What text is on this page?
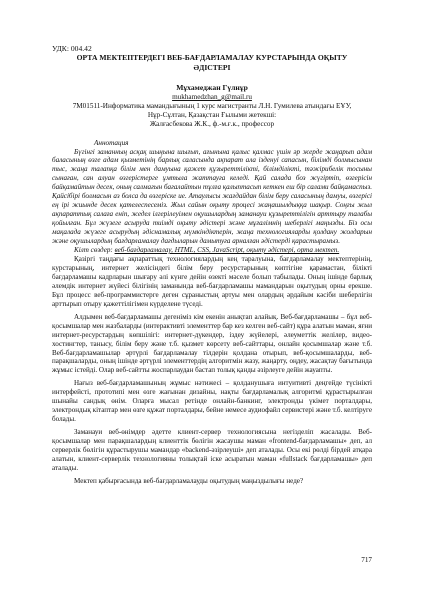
УДК: 004.42

ОРТА МЕКТЕПТЕРДЕГІ ВЕБ-БАҒДАРЛАМАЛАУ КУРСТАРЫНДА ОҚЫТУ
ӘДІСТЕРІ

Мұхамеджан Гүлнұр

mukhamedzhan_g@mail.ru

7M01511-Информатика мамандығының 1 курс магистранты Л.Н. Гумилева атындағы ЕҰУ,

Нұр-Сұлтан, Қазақстан Ғылыми жетекші:

Жалғасбекова Ж.К., ф.-м.ғ.к., профессор

Аннотация

Бүгінгі заманның асқақ шыңына шығып, ағынына қалыс қалмас үшін әр жерде жаңарып адам баласының өзге адам қызметінің барлық саласында ақпарат ала ізденуі сапасын, білімді болмысынан тыс, жаңа талапқа білім мен дамуына қажет құзыреттілікті, білімділікті, тәжірибелік тосыны сынаған, сан алуан өзгерістерге ұмтыла жаттауға келеді. Қай салада боз жүгіртіп, өзгерісін байқамайтын десек, оның салмағын бағалайтын тұлға қалыптасып кеткен еш бір салами байқамаспыз. Қайсібірі болмасын аз болса да өзгеріске ие. Атаулысы жағдайдан білім беру саласының дамуы, өзгерісі ең ірі жиынде десек қателеспесеміз. Жыл сайын оқыту процесі жаңашылдыққа шақыр. Соңғы жыл ақпараттық салаға еніп, жедел ілгерілеуімен оқушылардың заманауи құзыреттілігін арттыру талабы қойылған. Бұл жүзеге асыруда тиімді оқыту әдістері және мұғалімнің шеберлігі маңызды. Біз осы мақалада жүзеге асырудың әдіснамалық мүмкіндіктерін, жаңа технологияларды қолдану жолдарын және оқушылардың бағдарламалау дағдыларын дамытуға арналған әдістерді қарастырамыз.

Кілт сөздер: веб-бағдарламалау, HTML, CSS, JavaScript, оқыту әдістері, орта мектеп.

Қазіргі таңдағы ақпараттық технологиялардың кең таралуына, бағдарламалау мектептерінің, курстарының, интернет желісіндегі білім беру ресурстарының көптігіне қарамастан, білікті бағдарламашы кадрларын шығару әлі күнге дейін өзекті мәселе болып табылады. Оның ішінде барлық әлемдік интернет жүйесі білігінің заманында веб-бағдарламашы мамандарын оқытудың орны ерекше. Бұл процесс веб-программистерге деген сұраныстың артуы мен олардың әрдайым кәсіби шеберлігін арттырып отыру қажеттілігімен күрделене түседі.

Алдымен веб-бағдарламашы дегеніміз кім екенін анықтап алайық. Веб-бағдарламашы – бұл веб-қосымшалар мен жазбаларды (интерактивті элементтер бар кез келген веб-сайт) құра алатын маман, яғни интернет-ресурстардың көпшілігі: интернет-дүкендер, іздеу жүйелері, әлеуметтік желілер, видео-хостингтер, танысу, білім беру және т.б. қызмет көрсету веб-сайттары, онлайн қосымшалар және т.б. Веб-бағдарламашылар әртүрлі бағдарламалау тілдерін қолдана отырып, веб-қосымшаларды, веб-парақшаларды, оның ішінде әртүрлі элементтердің алгоритмін жазу, жаңарту, оңдеу, жасақтау бағытында жұмыс істейді. Олар веб-сайтты жоспарлаудан бастап толық қанды әзірлеуге дейін жауапты.

Нағыз веб-бағдарламашының жұмыс нәтижесі – қолданушыға интуитивті деңгейде түсінікті интерфейсті, прототипі мен өзге жағынан дизайны, нақты бағдарламалық алгоритмі құрастырылған шынайы сандық өнім. Оларға мысал ретінде онлайн-банкинг, электронды үкімет порталдары, электрондық кітаптар мен өзге құжат порталдары, бейне немесе аудиофайл сервистері және т.б. келтіруге болады.

Заманауи веб-өнімдер әдетте клиент-сервер технологиясына негізделіп жасалады. Веб-қосымшалар мен парақшалардың клиенттік бөлігін жасаушы маман «frontend-бағдарламашы» деп, ал серверлік бөлігін құрастырушы мамандар «backend-әзірлеуші» деп аталады. Осы екі рөлді бірдей атқара алатын, клиент-серверлік технологияны толықтай іске асыратын маман «fullstack бағдарламашы» деп аталады.

Мектеп қабырғасында веб-бағдарламалауды оқытудың маңыздылығы неде?

717
